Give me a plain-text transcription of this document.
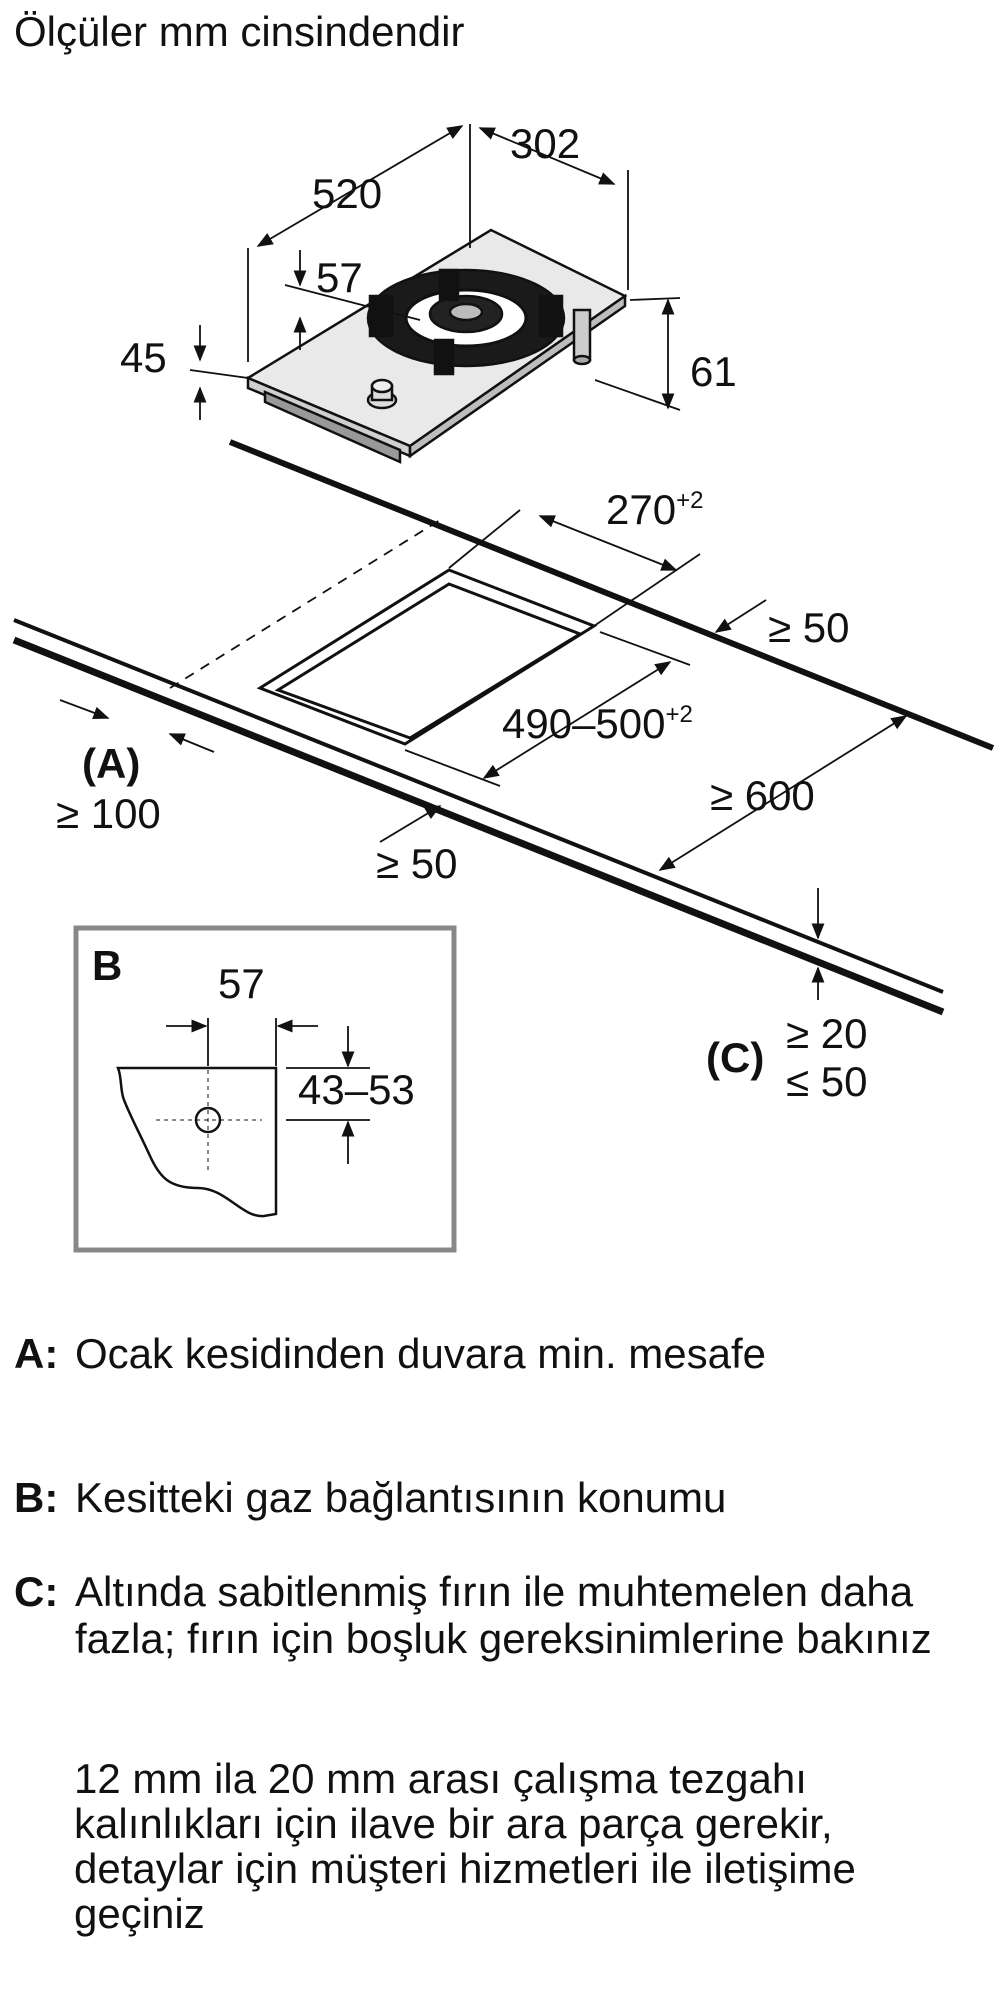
Ölçüler mm cinsindendir
302
520
57
45	61
$270^{+2}$
≥ 50
$490-500^{+2}$
(A)
≥ 100
≥ 50
≥ 600
(C)
≥ 20
≤ 50
B 57
43–53
A: Ocak kesidinden duvara min. mesafe
B: Kesitteki gaz bağlantısının konumu
C: Altında sabitlenmiş fırın ile muhtemelen daha fazla; fırın için boşluk gereksinimlerine bakınız
12 mm ila 20 mm arası çalışma tezgahı kalınlıkları için ilave bir ara parça gerekir, detaylar için müşteri hizmetleri ile iletişime geçiniz
